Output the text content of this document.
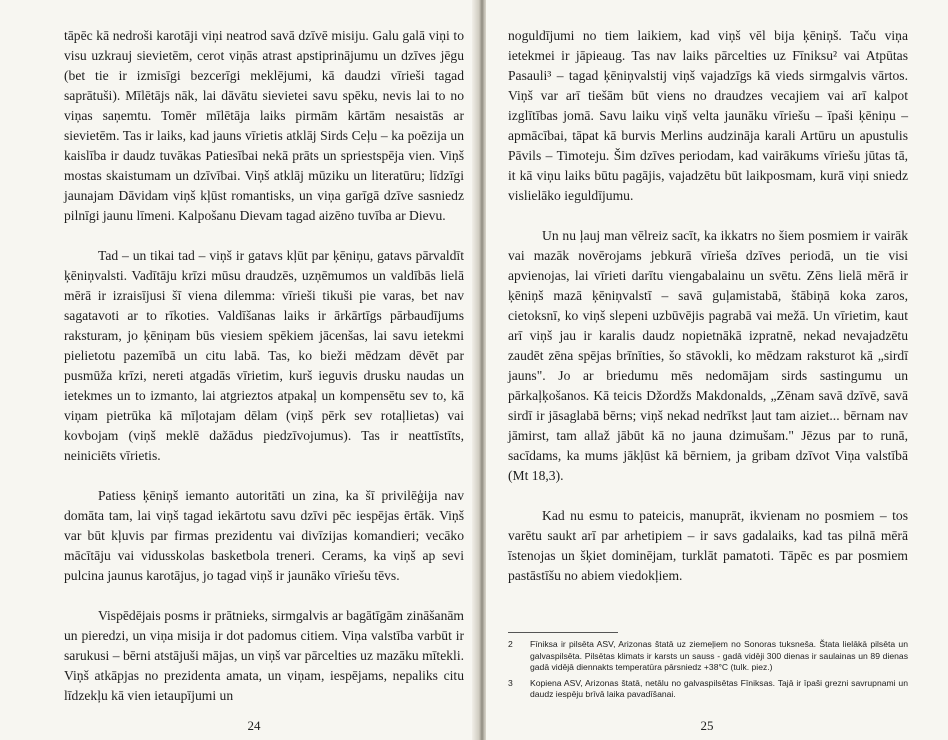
tāpēc kā nedroši karotāji viņi neatrod savā dzīvē misiju. Galu galā viņi to visu uzkrauj sievietēm, cerot viņās atrast apstiprinājumu un dzīves jēgu (bet tie ir izmisīgi bezcerīgi meklējumi, kā daudzi vīrieši tagad saprātuši). Mīlētājs nāk, lai dāvātu sievietei savu spēku, nevis lai to no viņas saņemtu. Tomēr mīlētāja laiks pirmām kārtām nesaistās ar sievietēm. Tas ir laiks, kad jauns vīrietis atklāj Sirds Ceļu – ka poēzija un kaislība ir daudz tuvākas Patiesībai nekā prāts un spriestspēja vien. Viņš mostas skaistumam un dzīvībai. Viņš atklāj mūziku un literatūru; līdzīgi jaunajam Dāvidam viņš kļūst romantisks, un viņa garīgā dzīve sasniedz pilnīgi jaunu līmeni. Kalpošanu Dievam tagad aizēno tuvība ar Dievu.

Tad – un tikai tad – viņš ir gatavs kļūt par ķēniņu, gatavs pārvaldīt ķēniņvalsti. Vadītāju krīzi mūsu draudzēs, uzņēmumos un valdībās lielā mērā ir izraisījusi šī viena dilemma: vīrieši tikuši pie varas, bet nav sagatavoti ar to rīkoties. Valdīšanas laiks ir ārkārtīgs pārbaudījums raksturam, jo ķēniņam būs viesiem spēkiem jācenšas, lai savu ietekmi pielietotu pazemībā un citu labā. Tas, ko bieži mēdzam dēvēt par pusmūža krīzi, nereti atgadās vīrietim, kurš ieguvis drusku naudas un ietekmes un to izmanto, lai atgrieztos atpakaļ un kompensētu sev to, kā viņam pietrūka kā mīļotajam dēlam (viņš pērk sev rotaļlietas) vai kovbojam (viņš meklē dažādus piedzīvojumus). Tas ir neattīstīts, neiniciēts vīrietis.

Patiess ķēniņš iemanto autoritāti un zina, ka šī privilēģija nav domāta tam, lai viņš tagad iekārtotu savu dzīvi pēc iespējas ērtāk. Viņš var būt kļuvis par firmas prezidentu vai divīzijas komandieri; vecāko mācītāju vai vidusskolas basketbola treneri. Cerams, ka viņš ap sevi pulcina jaunus karotājus, jo tagad viņš ir jaunāko vīriešu tēvs.

Vispēdējais posms ir prātnieks, sirmgalvis ar bagātīgām zināšanām un pieredzi, un viņa misija ir dot padomus citiem. Viņa valstība varbūt ir sarukusi – bērni atstājuši mājas, un viņš var pārcelties uz mazāku mītekli. Viņš atkāpjas no prezidenta amata, un viņam, iespējams, nepaliks citu līdzekļu kā vien ietaupījumi un

24

noguldījumi no tiem laikiem, kad viņš vēl bija ķēniņš. Taču viņa ietekmei ir jāpieaug. Tas nav laiks pārcelties uz Fīniksu² vai Atpūtas Pasauli³ – tagad ķēniņvalstij viņš vajadzīgs kā vieds sirmgalvis vārtos. Viņš var arī tiešām būt viens no draudzes vecajiem vai arī kalpot izglītības jomā. Savu laiku viņš velta jaunāku vīriešu – īpaši ķēniņu – apmācībai, tāpat kā burvis Merlins audzināja karali Artūru un apustulis Pāvils – Timoteju. Šim dzīves periodam, kad vairākums vīriešu jūtas tā, it kā viņu laiks būtu pagājis, vajadzētu būt laikposmam, kurā viņi sniedz vislielāko ieguldījumu.

Un nu ļauj man vēlreiz sacīt, ka ikkatrs no šiem posmiem ir vairāk vai mazāk novērojams jebkurā vīrieša dzīves periodā, un tie visi apvienojas, lai vīrieti darītu viengabalainu un svētu. Zēns lielā mērā ir ķēniņš mazā ķēniņvalstī – savā guļamistabā, štābiņā koka zaros, cietoksnī, ko viņš slepeni uzbūvējis pagrabā vai mežā. Un vīrietim, kaut arī viņš jau ir karalis daudz nopietnākā izpratnē, nekad nevajadzētu zaudēt zēna spējas brīnīties, šo stāvokli, ko mēdzam raksturot kā „sirdī jauns". Jo ar briedumu mēs nedomājam sirds sastingumu un pārkaļķošanos. Kā teicis Džordžs Makdonalds, „Zēnam savā dzīvē, savā sirdī ir jāsaglabā bērns; viņš nekad nedrīkst ļaut tam aiziet... bērnam nav jāmirst, tam allaž jābūt kā no jauna dzimušam." Jēzus par to runā, sacīdams, ka mums jākļūst kā bērniem, ja gribam dzīvot Viņa valstībā (Mt 18,3).

Kad nu esmu to pateicis, manuprāt, ikvienam no posmiem – tos varētu saukt arī par arhetipiem – ir savs gadalaiks, kad tas pilnā mērā īstenojas un šķiet dominējam, turklāt pamatoti. Tāpēc es par posmiem pastāstīšu no abiem viedokļiem.

2	Fīniksa ir pilsēta ASV, Arizonas štatā uz ziemeļiem no Sonoras tuksneša. Štata lielākā pilsēta un galvaspilsēta. Pilsētas klimats ir karsts un sauss - gadā vidēji 300 dienas ir saulainas un 89 dienas gadā vidējā diennakts temperatūra pārsniedz +38°C (tulk. piez.)
3	Kopiena ASV, Arizonas štatā, netālu no galvaspilsētas Fīniksas. Tajā ir īpaši grezni savrupnami un daudz iespēju brīvā laika pavadīšanai.
25
